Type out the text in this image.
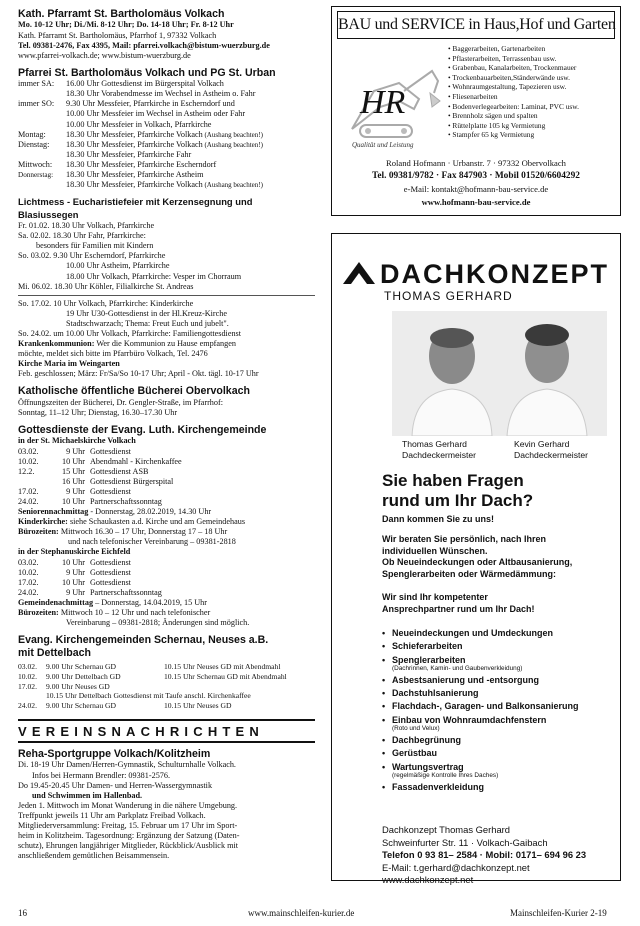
Kath. Pfarramt St. Bartholomäus Volkach
Mo. 10-12 Uhr; Di./Mi. 8-12 Uhr; Do. 14-18 Uhr; Fr. 8-12 Uhr
Kath. Pfarramt St. Bartholomäus, Pfarrhof 1, 97332 Volkach
Tel. 09381-2476, Fax 4395, Mail: pfarrei.volkach@bistum-wuerzburg.de
www.pfarrei-volkach.de; www.bistum-wuerzburg.de
Pfarrei St. Bartholomäus Volkach und PG St. Urban
immer SA:	16.00 Uhr Gottesdienst im Bürgerspital Volkach
18.30 Uhr Vorabendmesse im Wechsel in Astheim o. Fahr
immer SO:	9.30 Uhr Messfeier, Pfarrkirche in Escherndorf und
10.00 Uhr Messfeier im Wechsel in Astheim oder Fahr
10.00 Uhr Messfeier in Volkach, Pfarrkirche
Montag:	18.30 Uhr Messfeier, Pfarrkirche Volkach (Aushang beachten!)
Dienstag:	18.30 Uhr Messfeier, Pfarrkirche Volkach (Aushang beachten!)
18.30 Uhr Messfeier, Pfarrkirche Fahr
Mittwoch:	18.30 Uhr Messfeier, Pfarrkirche Escherndorf
Donnerstag:	18.30 Uhr Messfeier, Pfarrkirche Astheim
18.30 Uhr Messfeier, Pfarrkirche Volkach (Aushang beachten!)
Lichtmess - Eucharistiefeier mit Kerzensegnung und Blasiussegen
Fr. 01.02. 18.30 Uhr Volkach, Pfarrkirche
Sa. 02.02. 18.30 Uhr Fahr, Pfarrkirche:
besonders für Familien mit Kindern
So. 03.02. 9.30 Uhr Escherndorf, Pfarrkirche
10.00 Uhr Astheim, Pfarrkirche
18.00 Uhr Volkach, Pfarrkirche: Vesper im Chorraum
Mi. 06.02. 18.30 Uhr Köhler, Filialkirche St. Andreas
So. 17.02. 10 Uhr Volkach, Pfarrkirche: Kinderkirche
19 Uhr U30-Gottesdienst in der Hl.Kreuz-Kirche
Stadtschwarzach; Thema: Freut Euch und jubelt".
So. 24.02. um 10.00 Uhr Volkach, Pfarrkirche: Familiengottesdienst
Krankenkommunion: Wer die Kommunion zu Hause empfangen
möchte, meldet sich bitte im Pfarrbüro Volkach, Tel. 2476
Kirche Maria im Weingarten
Feb. geschlossen; März: Fr/Sa/So 10-17 Uhr; April - Okt. tägl. 10-17 Uhr
Katholische öffentliche Bücherei Obervolkach
Öffnungszeiten der Bücherei, Dr. Gengler-Straße, im Pfarrhof:
Sonntag, 11–12 Uhr; Dienstag, 16.30–17.30 Uhr
Gottesdienste der Evang. Luth. Kirchengemeinde
in der St. Michaelskirche Volkach
03.02.	9 Uhr Gottesdienst
10.02.	10 Uhr Abendmahl - Kirchenkaffee
12.2.	15 Uhr Gottesdienst ASB
16 Uhr Gottesdienst Bürgerspital
17.02.	9 Uhr Gottesdienst
24.02.	10 Uhr Partnerschaftssonntag
Seniorennachmittag - Donnerstag, 28.02.2019, 14.30 Uhr
Kinderkirche: siehe Schaukasten a.d. Kirche und am Gemeindehaus
Bürozeiten: Mittwoch 16.30 – 17 Uhr, Donnerstag 17 – 18 Uhr
und nach telefonischer Vereinbarung – 09381-2818
in der Stephanuskirche Eichfeld
03.02.	10 Uhr Gottesdienst
10.02.	9 Uhr Gottesdienst
17.02.	10 Uhr Gottesdienst
24.02.	9 Uhr Partnerschaftssonntag
Gemeindenachmittag – Donnerstag, 14.04.2019, 15 Uhr
Bürozeiten: Mittwoch 10 – 12 Uhr und nach telefonischer
Vereinbarung – 09381-2818; Änderungen sind möglich.
Evang. Kirchengemeinden Schernau, Neuses a.B.
mit Dettelbach
03.02.	9.00 Uhr Schernau GD	10.15 Uhr Neuses GD mit Abendmahl
10.02.	9.00 Uhr Dettelbach GD	10.15 Uhr Schernau GD mit Abendmahl
17.02.	9.00 Uhr Neuses GD
10.15 Uhr Dettelbach Gottesdienst mit Taufe anschl. Kirchenkaffee
24.02.	9.00 Uhr Schernau GD	10.15 Uhr Neuses GD
VEREINSNACHRICHTEN
Reha-Sportgruppe Volkach/Kolitzheim
Di. 18-19 Uhr Damen/Herren-Gymnastik, Schulturnhalle Volkach.
Infos bei Hermann Brendler: 09381-2576.
Do 19.45-20.45 Uhr Damen- und Herren-Wassergymnastik
und Schwimmen im Hallenbad.
Jeden 1. Mittwoch im Monat Wanderung in die nähere Umgebung.
Treffpunkt jeweils 11 Uhr am Parkplatz Freibad Volkach.
Mitgliederversammlung: Freitag, 15. Februar um 17 Uhr im Sport-
heim in Kolitzheim. Tagesordnung: Ergänzung der Satzung (Daten-
schutz), Ehrungen langjähriger Mitglieder, Rückblick/Ausblick mit
anschließendem gemütlichen Beisammensein.
BAU und SERVICE in Haus,Hof und Garten
HR
Qualität und Leistung
• Baggerarbeiten, Gartenarbeiten
• Pflasterarbeiten, Terrassenbau usw.
• Grabenbau, Kanalarbeiten, Trockenmauer
• Trockenbauarbeiten,Ständerwände usw.
• Wohnraumgestaltung, Tapezieren usw.
• Fliesenarbeiten
• Bodenverlegearbeiten: Laminat, PVC usw.
• Brennholz sägen und spalten
• Rüttelplatte 105 kg Vermietung
• Stampfer 65 kg Vermietung
Roland Hofmann · Urbanstr. 7 · 97332 Obervolkach
Tel. 09381/9782 · Fax 847903 · Mobil 01520/6604292
e-Mail: kontakt@hofmann-bau-service.de
www.hofmann-bau-service.de
DACHKONZEPT
THOMAS GERHARD
Thomas Gerhard
Dachdeckermeister
Kevin Gerhard
Dachdeckermeister
Sie haben Fragen
rund um Ihr Dach?
Dann kommen Sie zu uns!
Wir beraten Sie persönlich, nach Ihren
individuellen Wünschen.
Ob Neueindeckungen oder Altbausanierung,
Spenglerarbeiten oder Wärmedämmung:
Wir sind Ihr kompetenter
Ansprechpartner rund um Ihr Dach!
• Neueindeckungen und Umdeckungen
• Schieferarbeiten
• Spenglerarbeiten
(Dachrinnen, Kamin- und Gaubenverkleidung)
• Asbestsanierung und -entsorgung
• Dachstuhlsanierung
• Flachdach-, Garagen- und Balkonsanierung
• Einbau von Wohnraumdachfenstern
(Roto und Velux)
• Dachbegrünung
• Gerüstbau
• Wartungsvertrag
(regelmäßige Kontrolle Ihres Daches)
• Fassadenverkleidung
Dachkonzept Thomas Gerhard
Schweinfurter Str. 11 · Volkach-Gaibach
Telefon 0 93 81– 2584 · Mobil: 0171– 694 96 23
E-Mail: t.gerhard@dachkonzept.net
www.dachkonzept.net
16	www.mainschleifen-kurier.de	Mainschleifen-Kurier 2-19
